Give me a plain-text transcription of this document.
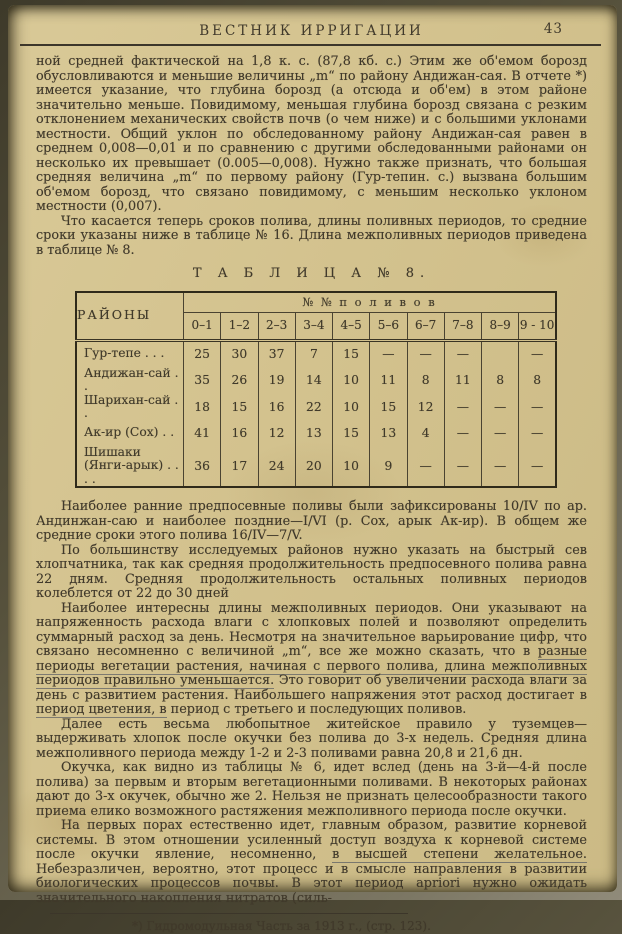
ВЕСТНИК ИРРИГАЦИИ	43

ной средней фактической на 1,8 к. с. (87,8 кб. с.) Этим же об'емом борозд обусловливаются и меньшие величины „m“ по району Андижан-сая. В отчете *) имеется указание, что глубина борозд (а отсюда и об'ем) в этом районе значительно меньше. Повидимому, меньшая глубина борозд связана с резким отклонением механических свойств почв (о чем ниже) и с большими уклонами местности. Общий уклон по обследованному району Андижан-сая равен в среднем 0,008—0,01 и по сравнению с другими обследованными районами он несколько их превышает (0.005—0,008). Нужно также признать, что большая средняя величина „m“ по первому району (Гур-тепин. с.) вызвана большим об'емом борозд, что связано повидимому, с меньшим несколько уклоном местности (0,007).

Что касается теперь сроков полива, длины поливных периодов, то средние сроки указаны ниже в таблице № 16. Длина межполивных периодов приведена в таблице № 8.

Т А Б Л И Ц А № 8.
РАЙОНЫ	№ № п о л и в о в									
	0–1	1–2	2–3	3–4	4–5	5–6	6–7	7–8	8–9	9 - 10
Гур-тепе . . .	25	30	37	7	15	—	—	—		—
Андижан-сай . .	35	26	19	14	10	11	8	11	8	8
Шарихан-сай . .	18	15	16	22	10	15	12	—	—	—
Ак-ир (Сох) . .	41	16	12	13	15	13	4	—	—	—
Шишаки (Янги-арык) . . . .	36	17	24	20	10	9	—	—	—	—

Наиболее ранние предпосевные поливы были зафиксированы 10/IV по ар. Андинжан-саю и наиболее поздние—I/VI (р. Сох, арык Ак-ир). В общем же средние сроки этого полива 16/IV—7/V.

По большинству исследуемых районов нужно указать на быстрый сев хлопчатника, так как средняя продолжительность предпосевного полива равна 22 дням. Средняя продолжительность остальных поливных периодов колеблется от 22 до 30 дней

Наиболее интересны длины межполивных периодов. Они указывают на напряженность расхода влаги с хлопковых полей и позволяют определить суммарный расход за день. Несмотря на значительное варьирование цифр, что связано несомненно с величиной „m“, все же можно сказать, что в разные периоды вегетации растения, начиная с первого полива, длина межполивных периодов правильно уменьшается. Это говорит об увеличении расхода влаги за день с развитием растения. Наибольшего напряжения этот расход достигает в период цветения, в период с третьего и последующих поливов.

Далее есть весьма любопытное житейское правило у туземцев—выдерживать хлопок после окучки без полива до 3-х недель. Средняя длина межполивного периода между 1-2 и 2-3 поливами равна 20,8 и 21,6 дн.

Окучка, как видно из таблицы № 6, идет вслед (день на 3-й—4-й после полива) за первым и вторым вегетационными поливами. В некоторых районах дают до 3-х окучек, обычно же 2. Нельзя не признать целесообразности такого приема елико возможного растяжения межполивного периода после окучки.

На первых порах естественно идет, главным образом, развитие корневой системы. В этом отношении усиленный доступ воздуха к корневой системе после окучки явление, несомненно, в высшей степени желательное. Небезразличен, вероятно, этот процесс и в смысле направления в развитии биологических процессов почвы. В этот период apriori нужно ожидать значительного накопления нитратов (силь-

*) Гидромодульная Часть за 1913 г., (стр. 123).
